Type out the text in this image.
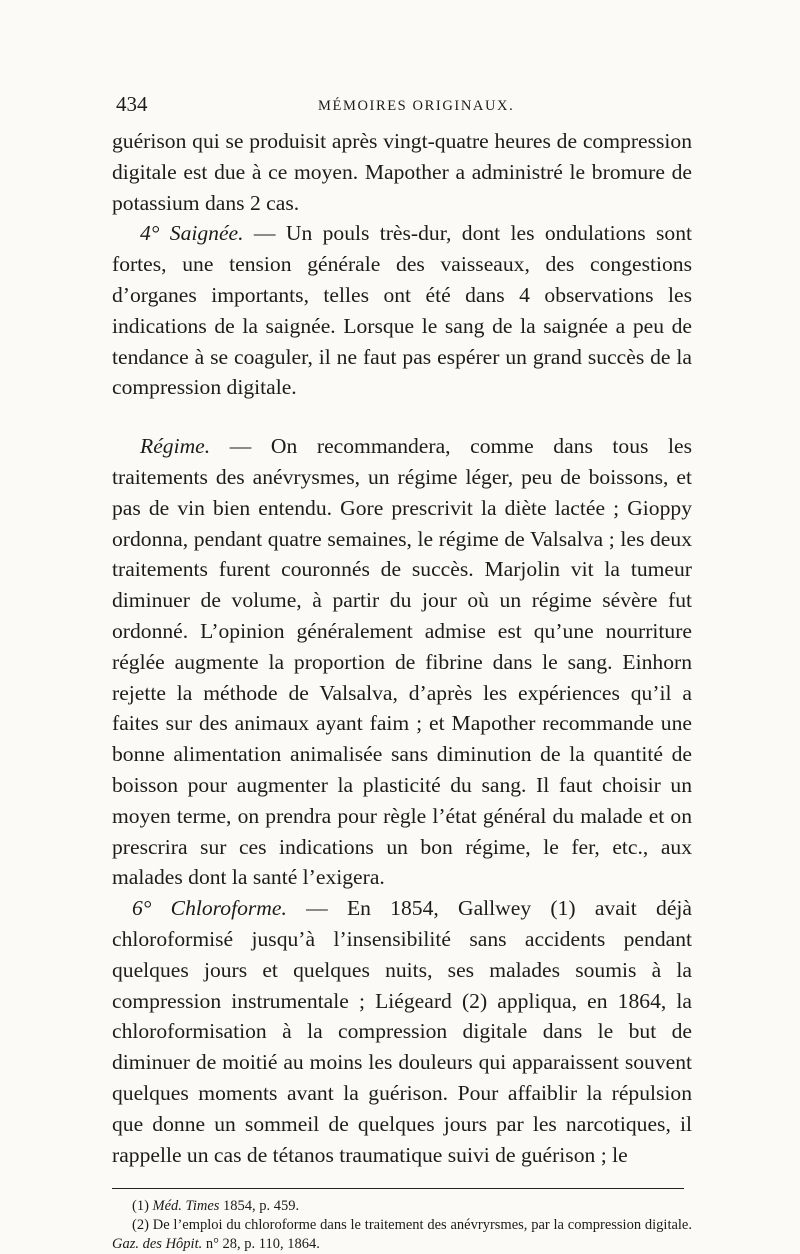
434	MÉMOIRES ORIGINAUX.

guérison qui se produisit après vingt-quatre heures de compression digitale est due à ce moyen. Mapother a administré le bromure de potassium dans 2 cas.

4° Saignée. — Un pouls très-dur, dont les ondulations sont fortes, une tension générale des vaisseaux, des congestions d’organes importants, telles ont été dans 4 observations les indications de la saignée. Lorsque le sang de la saignée a peu de tendance à se coaguler, il ne faut pas espérer un grand succès de la compression digitale.

Régime. — On recommandera, comme dans tous les traitements des anévrysmes, un régime léger, peu de boissons, et pas de vin bien entendu. Gore prescrivit la diète lactée ; Gioppy ordonna, pendant quatre semaines, le régime de Valsalva ; les deux traitements furent couronnés de succès. Marjolin vit la tumeur diminuer de volume, à partir du jour où un régime sévère fut ordonné. L’opinion généralement admise est qu’une nourriture réglée augmente la proportion de fibrine dans le sang. Einhorn rejette la méthode de Valsalva, d’après les expériences qu’il a faites sur des animaux ayant faim ; et Mapother recommande une bonne alimentation animalisée sans diminution de la quantité de boisson pour augmenter la plasticité du sang. Il faut choisir un moyen terme, on prendra pour règle l’état général du malade et on prescrira sur ces indications un bon régime, le fer, etc., aux malades dont la santé l’exigera.

6° Chloroforme. — En 1854, Gallwey (1) avait déjà chloroformisé jusqu’à l’insensibilité sans accidents pendant quelques jours et quelques nuits, ses malades soumis à la compression instrumentale ; Liégeard (2) appliqua, en 1864, la chloroformisation à la compression digitale dans le but de diminuer de moitié au moins les douleurs qui apparaissent souvent quelques moments avant la guérison. Pour affaiblir la répulsion que donne un sommeil de quelques jours par les narcotiques, il rappelle un cas de tétanos traumatique suivi de guérison ; le

(1) Méd. Times 1854, p. 459.

(2) De l’emploi du chloroforme dans le traitement des anévryrsmes, par la compression digitale. Gaz. des Hôpit. n° 28, p. 110, 1864.
